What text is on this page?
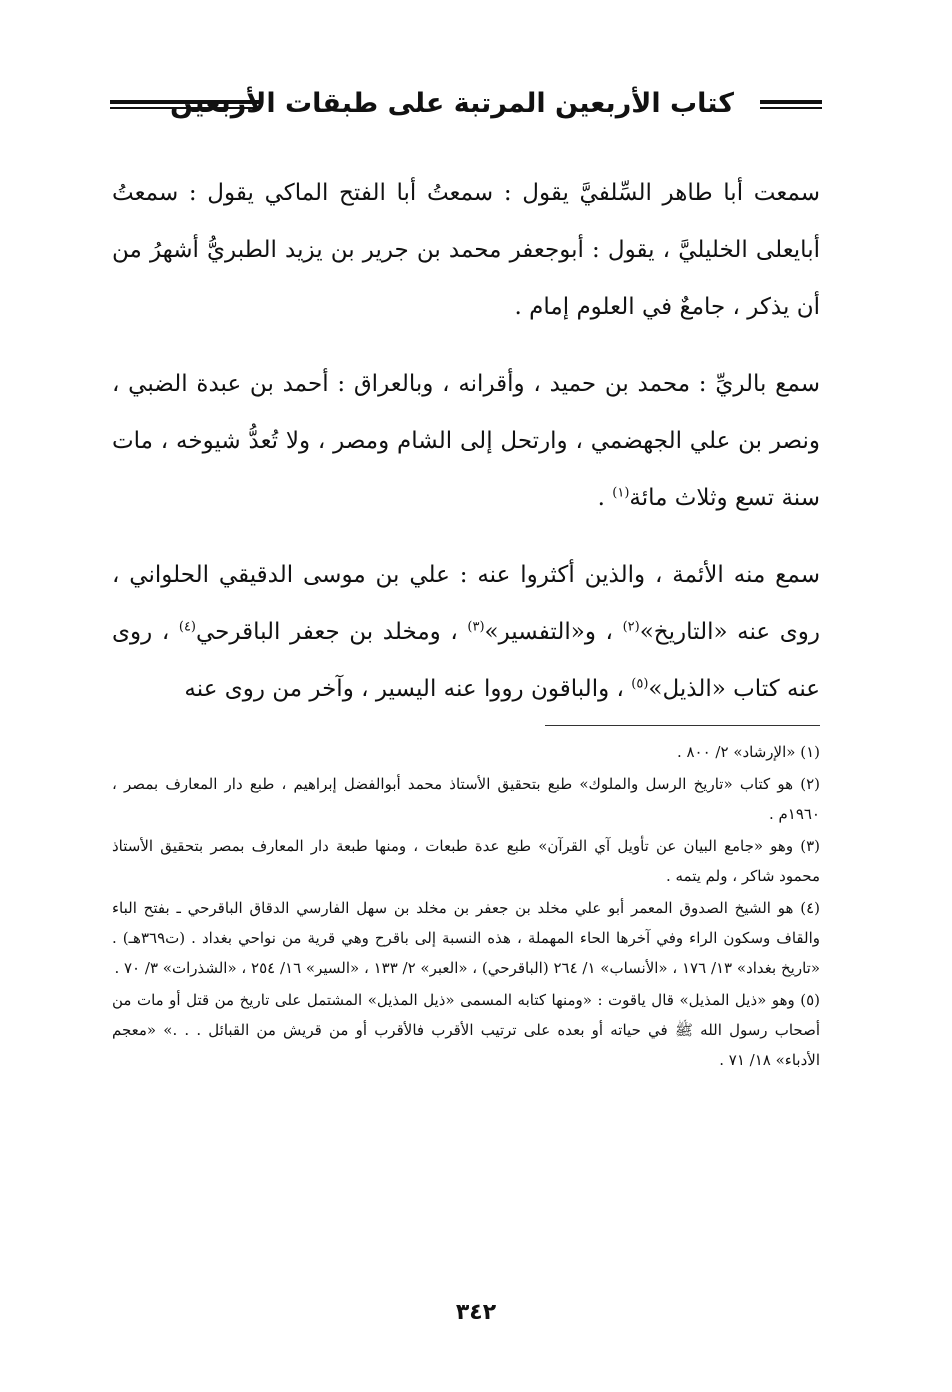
كتاب الأربعين المرتبة على طبقات الأربعين

سمعت أبا طاهر السِّلفيَّ يقول : سمعتُ أبا الفتح الماكي يقول : سمعتُ أبايعلى الخليليَّ ، يقول : أبوجعفر محمد بن جرير بن يزيد الطبريُّ أشهرُ من أن يذكر ، جامعٌ في العلوم إمام .

سمع بالريِّ : محمد بن حميد ، وأقرانه ، وبالعراق : أحمد بن عبدة الضبي ، ونصر بن علي الجهضمي ، وارتحل إلى الشام ومصر ، ولا تُعدُّ شيوخه ، مات سنة تسع وثلاث مائة$^{(١)}$ .

سمع منه الأئمة ، والذين أكثروا عنه : علي بن موسى الدقيقي الحلواني ، روى عنه «التاريخ»$^{(٢)}$ ، و«التفسير»$^{(٣)}$ ، ومخلد بن جعفر الباقرحي$^{(٤)}$ ، روى عنه كتاب «الذيل»$^{(٥)}$ ، والباقون رووا عنه اليسير ، وآخر من روى عنه

(١) «الإرشاد» ٢/ ٨٠٠ .

(٢) هو كتاب «تاريخ الرسل والملوك» طبع بتحقيق الأستاذ محمد أبوالفضل إبراهيم ، طبع دار المعارف بمصر ، ١٩٦٠م .

(٣) وهو «جامع البيان عن تأويل آي القرآن» طبع عدة طبعات ، ومنها طبعة دار المعارف بمصر بتحقيق الأستاذ محمود شاكر ، ولم يتمه .

(٤) هو الشيخ الصدوق المعمر أبو علي مخلد بن جعفر بن مخلد بن سهل الفارسي الدقاق الباقرحي ـ بفتح الباء والقاف وسكون الراء وفي آخرها الحاء المهملة ، هذه النسبة إلى باقرح وهي قرية من نواحي بغداد . (ت٣٦٩هـ) . «تاريخ بغداد» ١٣/ ١٧٦ ، «الأنساب» ١/ ٢٦٤ (الباقرحي) ، «العبر» ٢/ ١٣٣ ، «السير» ١٦/ ٢٥٤ ، «الشذرات» ٣/ ٧٠ .

(٥) وهو «ذيل المذيل» قال ياقوت : «ومنها كتابه المسمى «ذيل المذيل» المشتمل على تاريخ من قتل أو مات من أصحاب رسول الله ﷺ في حياته أو بعده على ترتيب الأقرب فالأقرب أو من قريش من القبائل . . .» «معجم الأدباء» ١٨/ ٧١ .

٣٤٢
